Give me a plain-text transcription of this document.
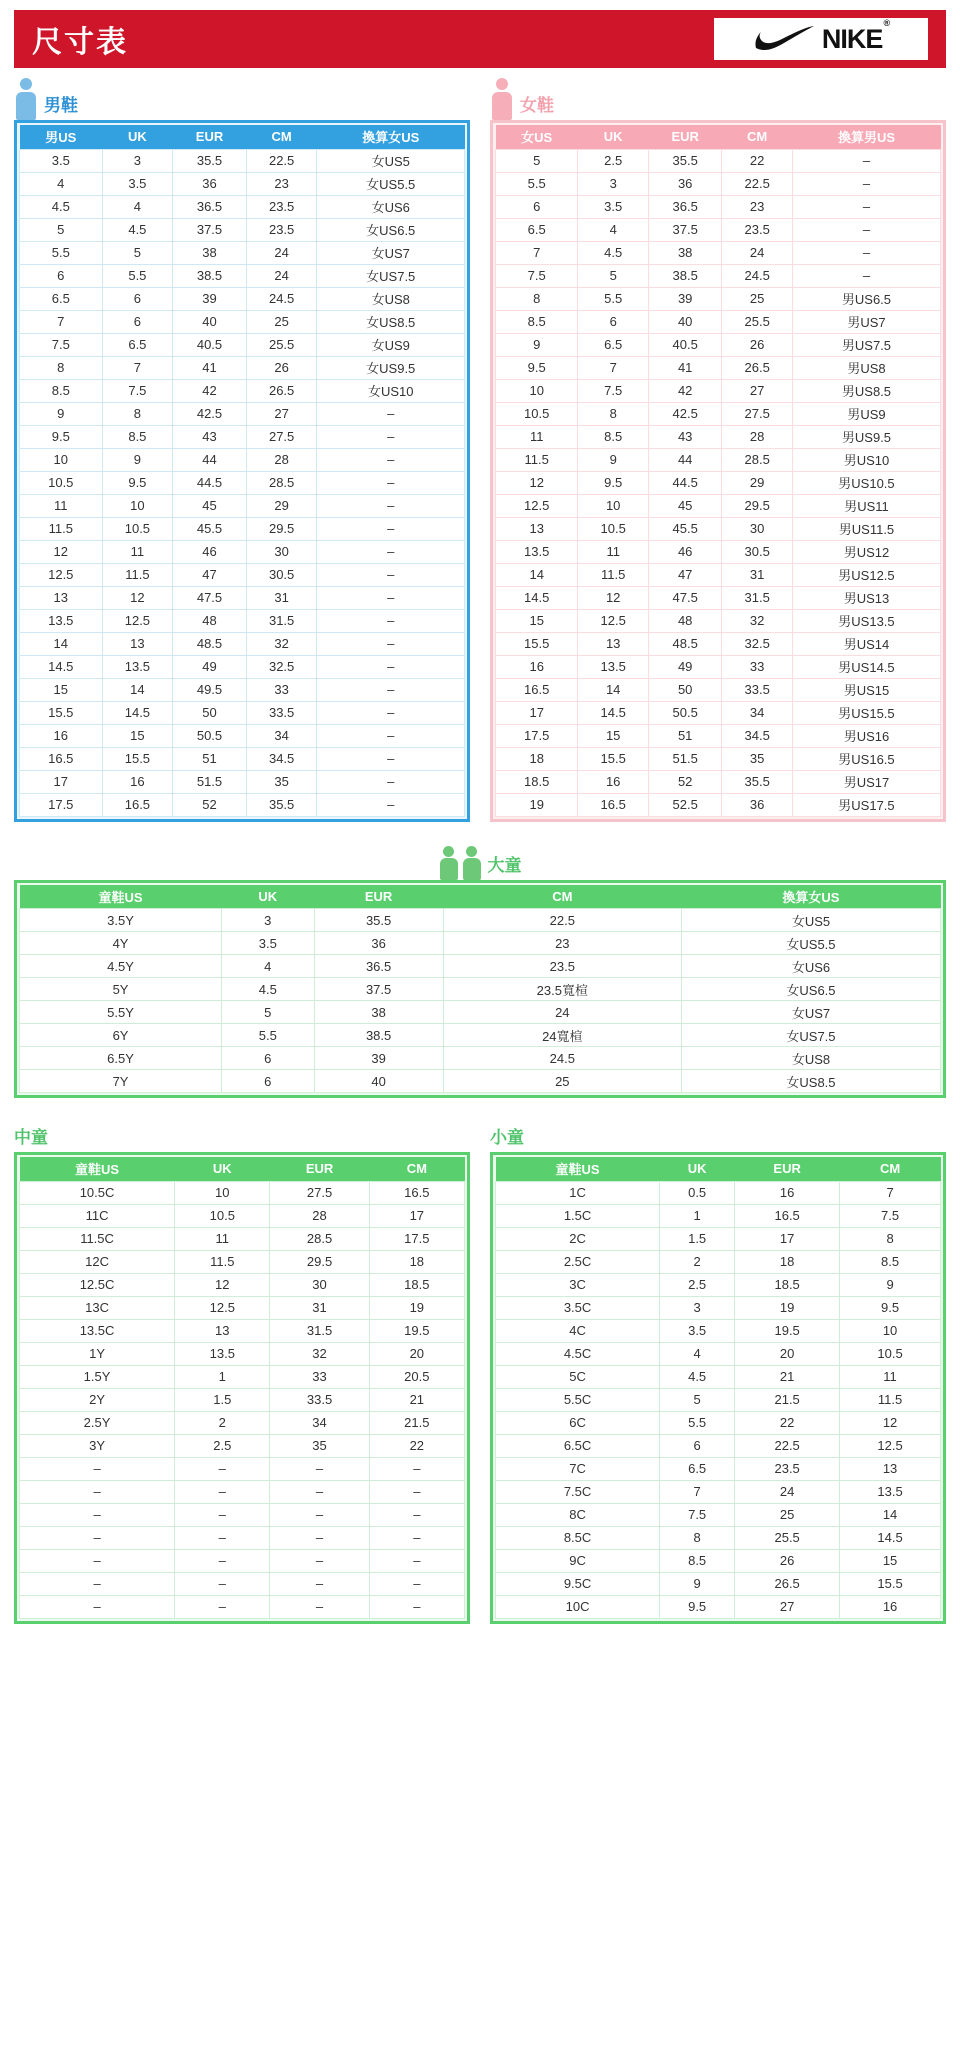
尺寸表	NIKE®
男鞋	女鞋
男US	UK	EUR	CM	換算女US
3.5	3	35.5	22.5	女US5
4	3.5	36	23	女US5.5
4.5	4	36.5	23.5	女US6
5	4.5	37.5	23.5	女US6.5
5.5	5	38	24	女US7
6	5.5	38.5	24	女US7.5
6.5	6	39	24.5	女US8
7	6	40	25	女US8.5
7.5	6.5	40.5	25.5	女US9
8	7	41	26	女US9.5
8.5	7.5	42	26.5	女US10
9	8	42.5	27	–
9.5	8.5	43	27.5	–
10	9	44	28	–
10.5	9.5	44.5	28.5	–
11	10	45	29	–
11.5	10.5	45.5	29.5	–
12	11	46	30	–
12.5	11.5	47	30.5	–
13	12	47.5	31	–
13.5	12.5	48	31.5	–
14	13	48.5	32	–
14.5	13.5	49	32.5	–
15	14	49.5	33	–
15.5	14.5	50	33.5	–
16	15	50.5	34	–
16.5	15.5	51	34.5	–
17	16	51.5	35	–
17.5	16.5	52	35.5	–
女US	UK	EUR	CM	換算男US
5	2.5	35.5	22	–
5.5	3	36	22.5	–
6	3.5	36.5	23	–
6.5	4	37.5	23.5	–
7	4.5	38	24	–
7.5	5	38.5	24.5	–
8	5.5	39	25	男US6.5
8.5	6	40	25.5	男US7
9	6.5	40.5	26	男US7.5
9.5	7	41	26.5	男US8
10	7.5	42	27	男US8.5
10.5	8	42.5	27.5	男US9
11	8.5	43	28	男US9.5
11.5	9	44	28.5	男US10
12	9.5	44.5	29	男US10.5
12.5	10	45	29.5	男US11
13	10.5	45.5	30	男US11.5
13.5	11	46	30.5	男US12
14	11.5	47	31	男US12.5
14.5	12	47.5	31.5	男US13
15	12.5	48	32	男US13.5
15.5	13	48.5	32.5	男US14
16	13.5	49	33	男US14.5
16.5	14	50	33.5	男US15
17	14.5	50.5	34	男US15.5
17.5	15	51	34.5	男US16
18	15.5	51.5	35	男US16.5
18.5	16	52	35.5	男US17
19	16.5	52.5	36	男US17.5
大童
童鞋US	UK	EUR	CM	換算女US
3.5Y	3	35.5	22.5	女US5
4Y	3.5	36	23	女US5.5
4.5Y	4	36.5	23.5	女US6
5Y	4.5	37.5	23.5寬楦	女US6.5
5.5Y	5	38	24	女US7
6Y	5.5	38.5	24寬楦	女US7.5
6.5Y	6	39	24.5	女US8
7Y	6	40	25	女US8.5
中童	小童
童鞋US	UK	EUR	CM
10.5C	10	27.5	16.5
11C	10.5	28	17
11.5C	11	28.5	17.5
12C	11.5	29.5	18
12.5C	12	30	18.5
13C	12.5	31	19
13.5C	13	31.5	19.5
1Y	13.5	32	20
1.5Y	1	33	20.5
2Y	1.5	33.5	21
2.5Y	2	34	21.5
3Y	2.5	35	22
–	–	–	–
–	–	–	–
–	–	–	–
–	–	–	–
–	–	–	–
–	–	–	–
–	–	–	–
童鞋US	UK	EUR	CM
1C	0.5	16	7
1.5C	1	16.5	7.5
2C	1.5	17	8
2.5C	2	18	8.5
3C	2.5	18.5	9
3.5C	3	19	9.5
4C	3.5	19.5	10
4.5C	4	20	10.5
5C	4.5	21	11
5.5C	5	21.5	11.5
6C	5.5	22	12
6.5C	6	22.5	12.5
7C	6.5	23.5	13
7.5C	7	24	13.5
8C	7.5	25	14
8.5C	8	25.5	14.5
9C	8.5	26	15
9.5C	9	26.5	15.5
10C	9.5	27	16
